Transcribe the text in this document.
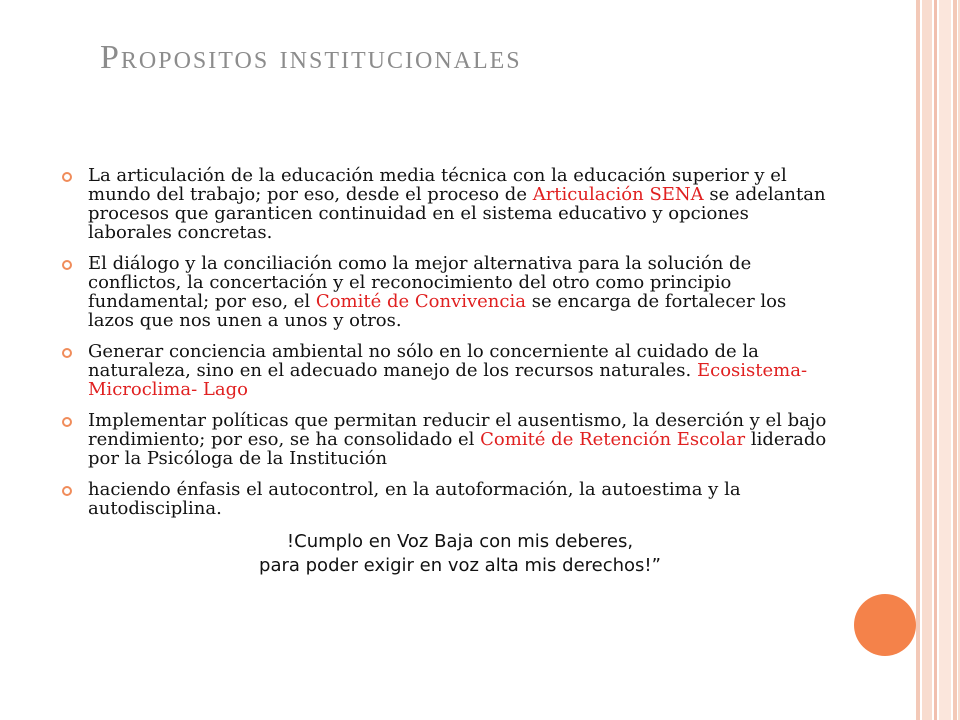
Propositos institucionales
La articulación de la educación media técnica con la educación superior y el mundo del trabajo; por eso, desde el proceso de Articulación SENA se adelantan procesos que garanticen continuidad en el sistema educativo y opciones laborales concretas.
El diálogo y la conciliación como la mejor alternativa para la solución de conflictos, la concertación y el reconocimiento del otro como principio fundamental; por eso, el Comité de Convivencia se encarga de fortalecer los lazos que nos unen a unos y otros.
Generar conciencia ambiental no sólo en lo concerniente al cuidado de la naturaleza, sino en el adecuado manejo de los recursos naturales. Ecosistema- Microclima- Lago
Implementar políticas que permitan reducir el ausentismo, la deserción y el bajo rendimiento; por eso, se ha consolidado el Comité de Retención Escolar liderado por la Psicóloga de la Institución
haciendo énfasis el autocontrol, en la autoformación, la autoestima y la autodisciplina.

!Cumplo en Voz Baja con mis deberes,

para poder exigir en voz alta mis derechos!”
